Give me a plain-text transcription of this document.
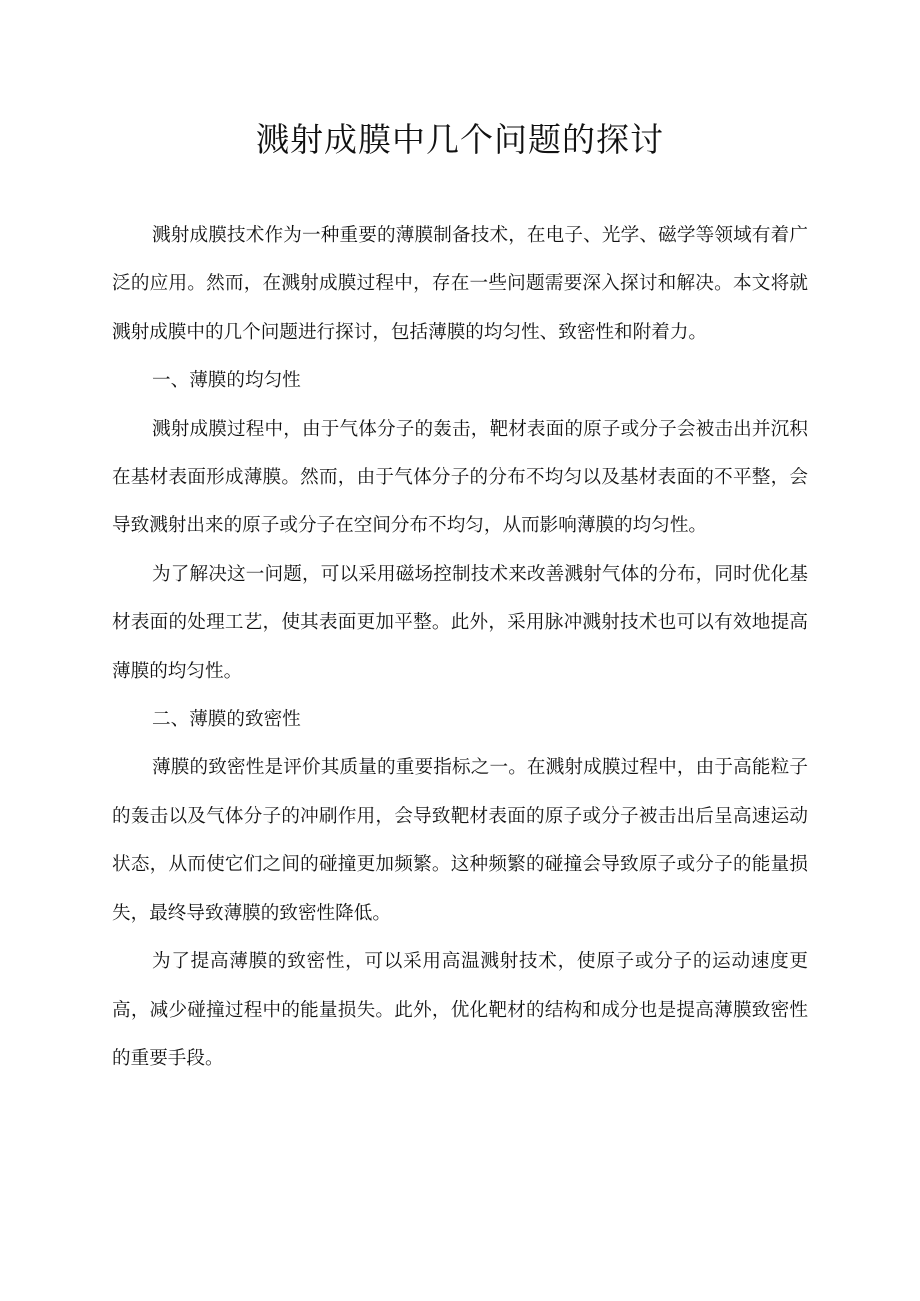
溅射成膜中几个问题的探讨

溅射成膜技术作为一种重要的薄膜制备技术，在电子、光学、磁学等领域有着广泛的应用。然而，在溅射成膜过程中，存在一些问题需要深入探讨和解决。本文将就溅射成膜中的几个问题进行探讨，包括薄膜的均匀性、致密性和附着力。

一、薄膜的均匀性

溅射成膜过程中，由于气体分子的轰击，靶材表面的原子或分子会被击出并沉积在基材表面形成薄膜。然而，由于气体分子的分布不均匀以及基材表面的不平整，会导致溅射出来的原子或分子在空间分布不均匀，从而影响薄膜的均匀性。

为了解决这一问题，可以采用磁场控制技术来改善溅射气体的分布，同时优化基材表面的处理工艺，使其表面更加平整。此外，采用脉冲溅射技术也可以有效地提高薄膜的均匀性。

二、薄膜的致密性

薄膜的致密性是评价其质量的重要指标之一。在溅射成膜过程中，由于高能粒子的轰击以及气体分子的冲刷作用，会导致靶材表面的原子或分子被击出后呈高速运动状态，从而使它们之间的碰撞更加频繁。这种频繁的碰撞会导致原子或分子的能量损失，最终导致薄膜的致密性降低。

为了提高薄膜的致密性，可以采用高温溅射技术，使原子或分子的运动速度更高，减少碰撞过程中的能量损失。此外，优化靶材的结构和成分也是提高薄膜致密性的重要手段。
